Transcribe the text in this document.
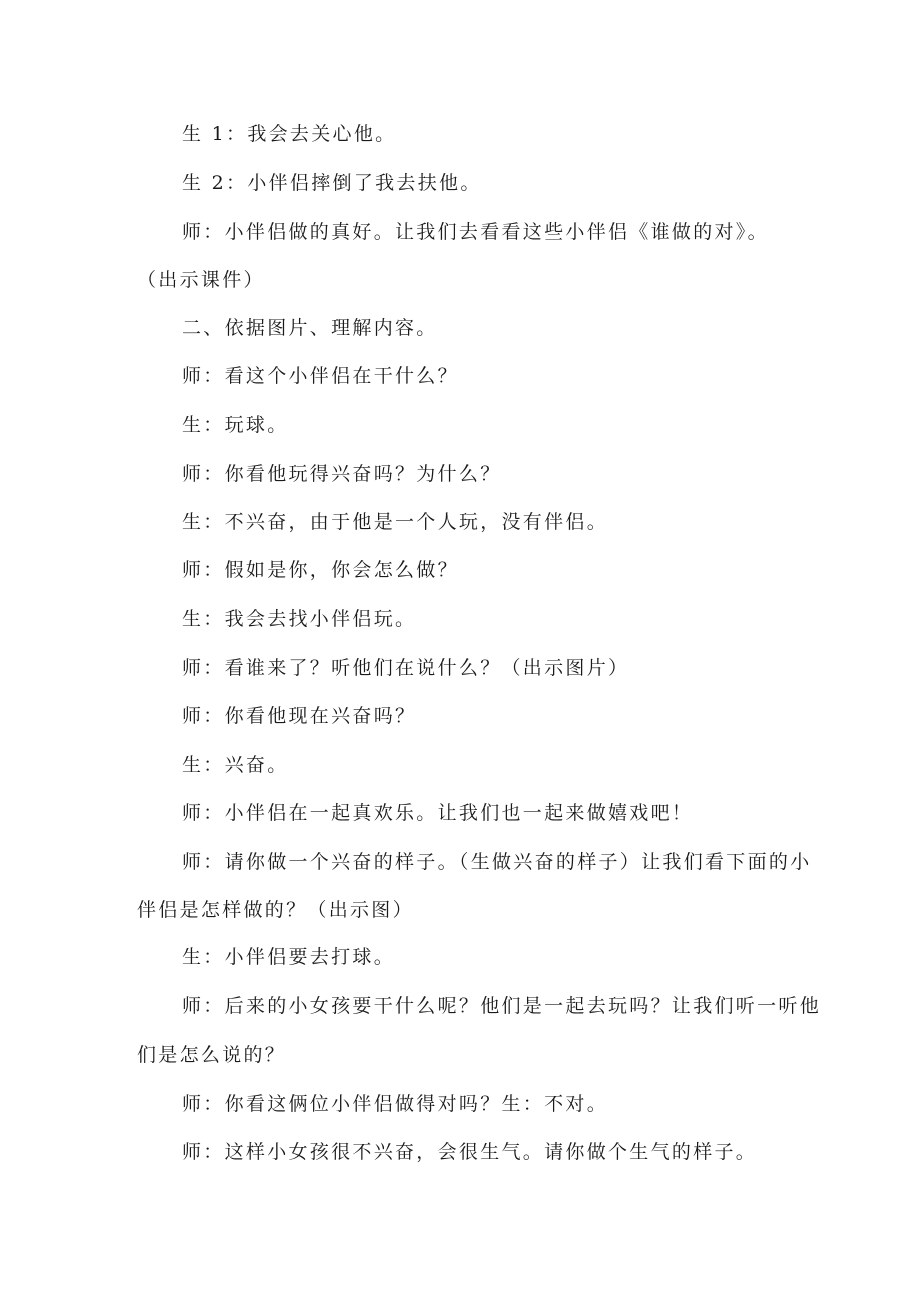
生 1：我会去关心他。

生 2：小伴侣摔倒了我去扶他。

师：小伴侣做的真好。让我们去看看这些小伴侣《谁做的对》。

（出示课件）

二、依据图片、理解内容。

师：看这个小伴侣在干什么？

生：玩球。

师：你看他玩得兴奋吗？为什么？

生：不兴奋，由于他是一个人玩，没有伴侣。

师：假如是你，你会怎么做？

生：我会去找小伴侣玩。

师：看谁来了？听他们在说什么？（出示图片）

师：你看他现在兴奋吗？

生：兴奋。

师：小伴侣在一起真欢乐。让我们也一起来做嬉戏吧！

师：请你做一个兴奋的样子。（生做兴奋的样子）让我们看下面的小

伴侣是怎样做的？（出示图）

生：小伴侣要去打球。

师：后来的小女孩要干什么呢？他们是一起去玩吗？让我们听一听他

们是怎么说的？

师：你看这俩位小伴侣做得对吗？生：不对。

师：这样小女孩很不兴奋，会很生气。请你做个生气的样子。
